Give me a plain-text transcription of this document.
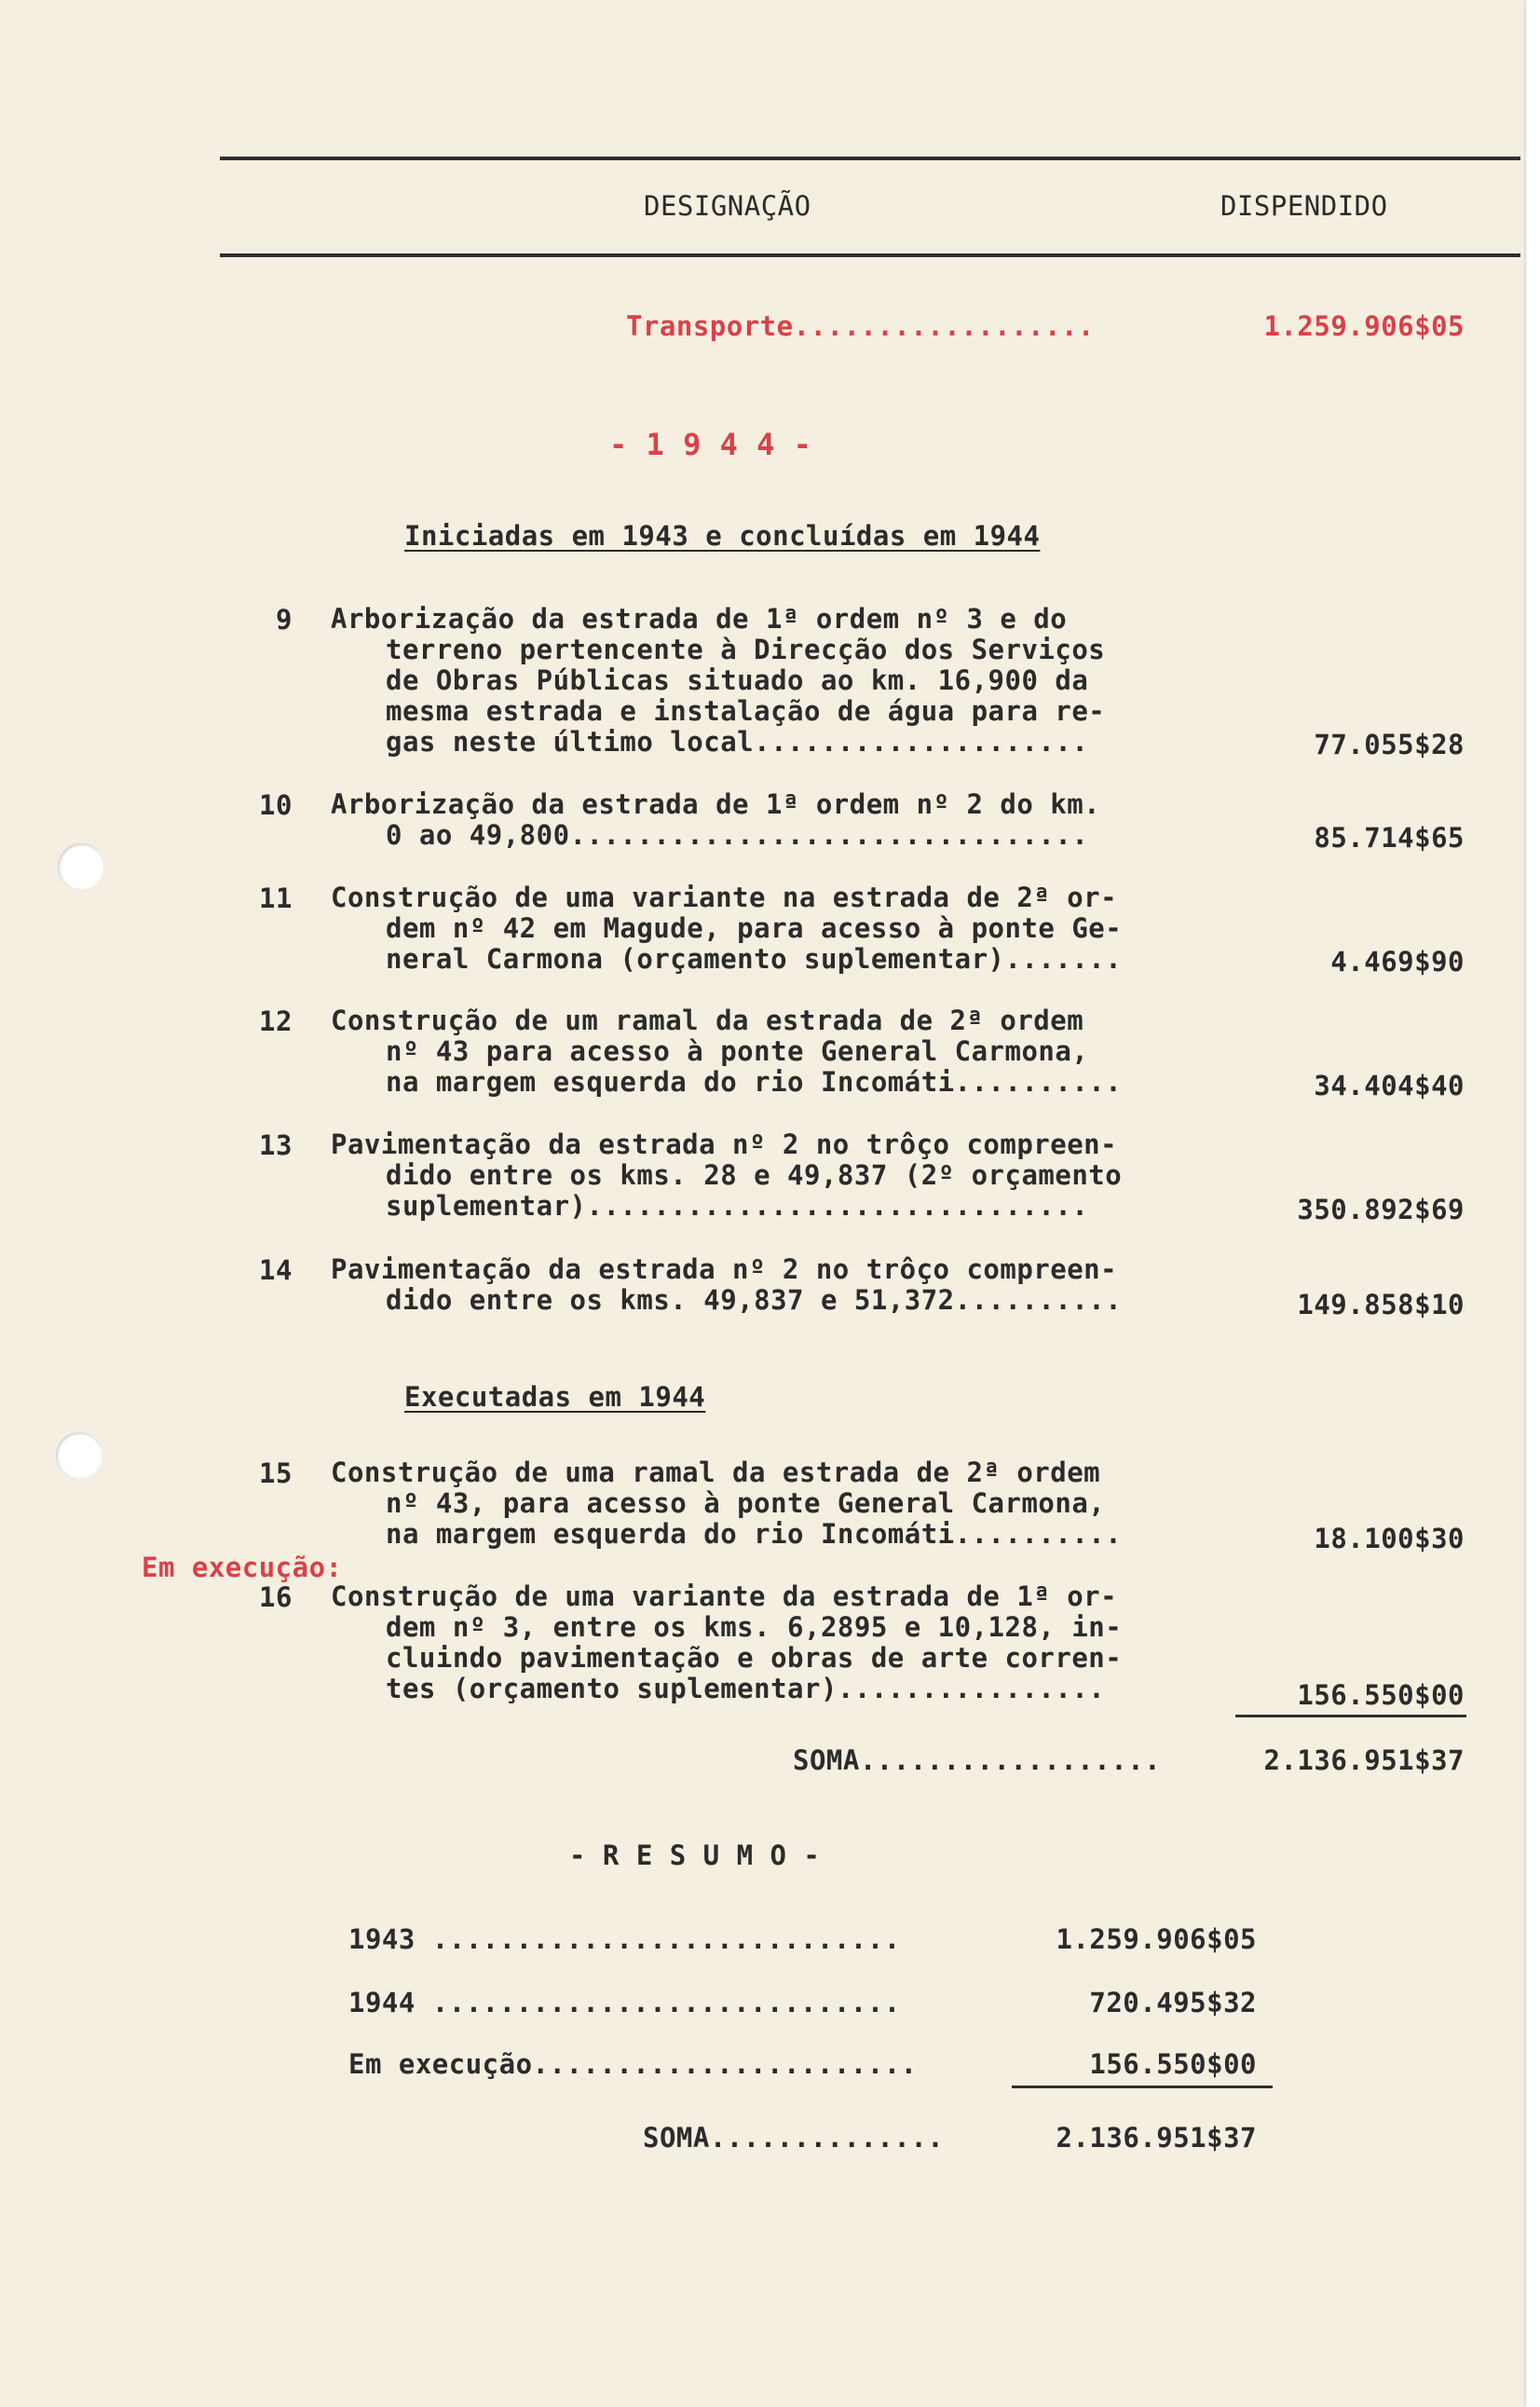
DESIGNAÇÃO	DISPENDIDO
Transporte..................	1.259.906$05
- 1 9 4 4 -
Iniciadas em 1943 e concluídas em 1944
9 Arborização da estrada de 1ª ordem nº 3 e do
terreno pertencente à Direcção dos Serviços
de Obras Públicas situado ao km. 16,900 da
mesma estrada e instalação de água para re-
gas neste último local....................	77.055$28
10 Arborização da estrada de 1ª ordem nº 2 do km.
0 ao 49,800...............................	85.714$65
11 Construção de uma variante na estrada de 2ª or-
dem nº 42 em Magude, para acesso à ponte Ge-
neral Carmona (orçamento suplementar).......	4.469$90
12 Construção de um ramal da estrada de 2ª ordem
nº 43 para acesso à ponte General Carmona,
na margem esquerda do rio Incomáti..........	34.404$40
13 Pavimentação da estrada nº 2 no trôço compreen-
dido entre os kms. 28 e 49,837 (2º orçamento
suplementar)..............................	350.892$69
14 Pavimentação da estrada nº 2 no trôço compreen-
dido entre os kms. 49,837 e 51,372..........	149.858$10
Executadas em 1944
15 Construção de uma ramal da estrada de 2ª ordem
nº 43, para acesso à ponte General Carmona,
na margem esquerda do rio Incomáti..........	18.100$30
Em execução:
16 Construção de uma variante da estrada de 1ª or-
dem nº 3, entre os kms. 6,2895 e 10,128, in-
cluindo pavimentação e obras de arte corren-
tes (orçamento suplementar)................	156.550$00
SOMA..................	2.136.951$37
- R E S U M O -
1943 ............................	1.259.906$05
1944 ............................	720.495$32
Em execução.......................	156.550$00
SOMA..............	2.136.951$37
